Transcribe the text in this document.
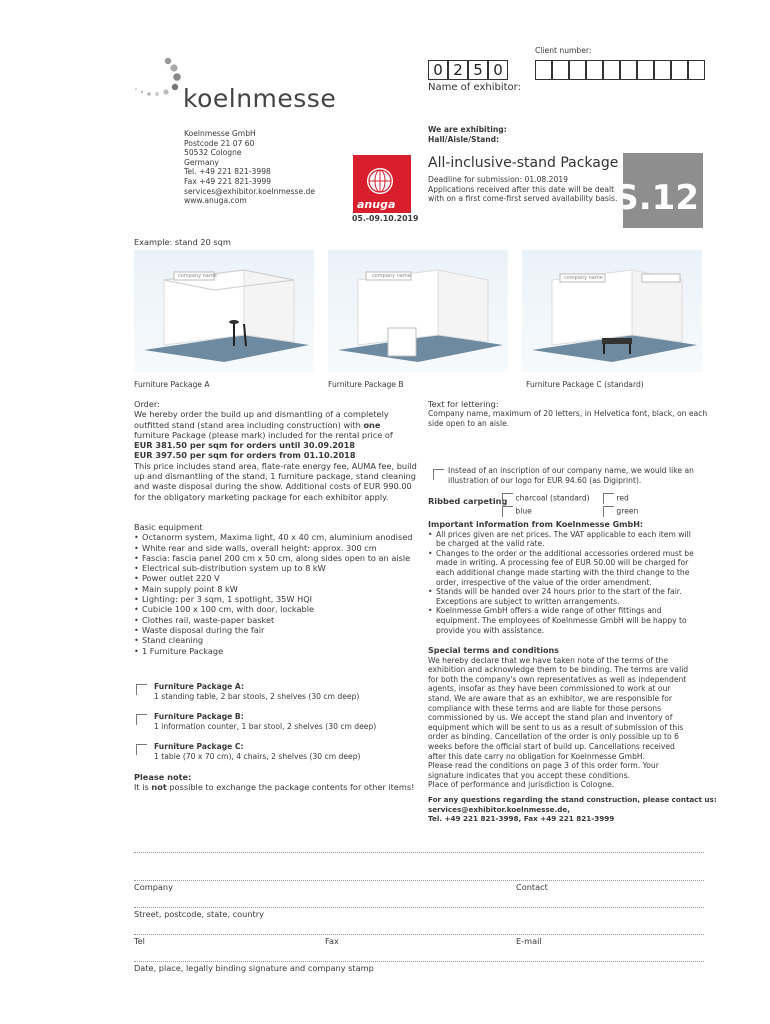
Client number:
0 2 5 0
Name of exhibitor:
koelnmesse
Koelnmesse GmbH
Postcode 21 07 60
50532 Cologne
Germany
Tel. +49 221 821-3998
Fax +49 221 821-3999
services@exhibitor.koelnmesse.de
www.anuga.com	anuga
05.-09.10.2019
We are exhibiting:
Hall/Aisle/Stand:
All-inclusive-stand Package
Deadline for submission: 01.08.2019
Applications received after this date will be dealt
with on a first come-first served availability basis.
S.12
Example: stand 20 sqm
company name	company name	company name
Furniture Package A	Furniture Package B	Furniture Package C (standard)
Order:
We hereby order the build up and dismantling of a completely
outfitted stand (stand area including construction) with one
furniture Package (please mark) included for the rental price of
EUR 381.50 per sqm for orders until 30.09.2018
EUR 397.50 per sqm for orders from 01.10.2018
This price includes stand area, flate-rate energy fee, AUMA fee, build
up and dismantling of the stand, 1 furniture package, stand cleaning
and waste disposal during the show. Additional costs of EUR 990.00
for the obligatory marketing package for each exhibitor apply.
Basic equipment
• Octanorm system, Maxima light, 40 x 40 cm, aluminium anodised
• White rear and side walls, overall height: approx. 300 cm
• Fascia: fascia panel 200 cm x 50 cm, along sides open to an aisle
• Electrical sub-distribution system up to 8 kW
• Power outlet 220 V
• Main supply point 8 kW
• Lighting: per 3 sqm, 1 spotlight, 35W HQI
• Cubicle 100 x 100 cm, with door, lockable
• Clothes rail, waste-paper basket
• Waste disposal during the fair
• Stand cleaning
• 1 Furniture Package
Furniture Package A:
1 standing table, 2 bar stools, 2 shelves (30 cm deep)
Furniture Package B:
1 information counter, 1 bar stool, 2 shelves (30 cm deep)
Furniture Package C:
1 table (70 x 70 cm), 4 chairs, 2 shelves (30 cm deep)
Please note:
It is not possible to exchange the package contents for other items!
Text for lettering:
Company name, maximum of 20 letters, in Helvetica font, black, on each
side open to an aisle.
Instead of an inscription of our company name, we would like an
illustration of our logo for EUR 94.60 (as Digiprint).
Ribbed carpeting	charcoal (standard)
blue
red
green
Important information from Koelnmesse GmbH:
• All prices given are net prices. The VAT applicable to each item will
be charged at the valid rate.
• Changes to the order or the additional accessories ordered must be
made in writing. A processing fee of EUR 50.00 will be charged for
each additional change made starting with the third change to the
order, irrespective of the value of the order amendment.
• Stands will be handed over 24 hours prior to the start of the fair.
Exceptions are subject to written arrangements.
• Koelnmesse GmbH offers a wide range of other fittings and
equipment. The employees of Koelnmesse GmbH will be happy to
provide you with assistance.
Special terms and conditions
We hereby declare that we have taken note of the terms of the
exhibition and acknowledge them to be binding. The terms are valid
for both the company's own representatives as well as independent
agents, insofar as they have been commissioned to work at our
stand. We are aware that as an exhibitor, we are responsible for
compliance with these terms and are liable for those persons
commissioned by us. We accept the stand plan and inventory of
equipment which will be sent to us as a result of submission of this
order as binding. Cancellation of the order is only possible up to 6
weeks before the official start of build up. Cancellations received
after this date carry no obligation for Koelnmesse GmbH.
Please read the conditions on page 3 of this order form. Your
signature indicates that you accept these conditions.
Place of performance and jurisdiction is Cologne.
For any questions regarding the stand construction, please contact us:
services@exhibitor.koelnmesse.de,
Tel. +49 221 821-3998, Fax +49 221 821-3999
Company	Contact
Street, postcode, state, country
Tel	Fax	E-mail
Date, place, legally binding signature and company stamp
